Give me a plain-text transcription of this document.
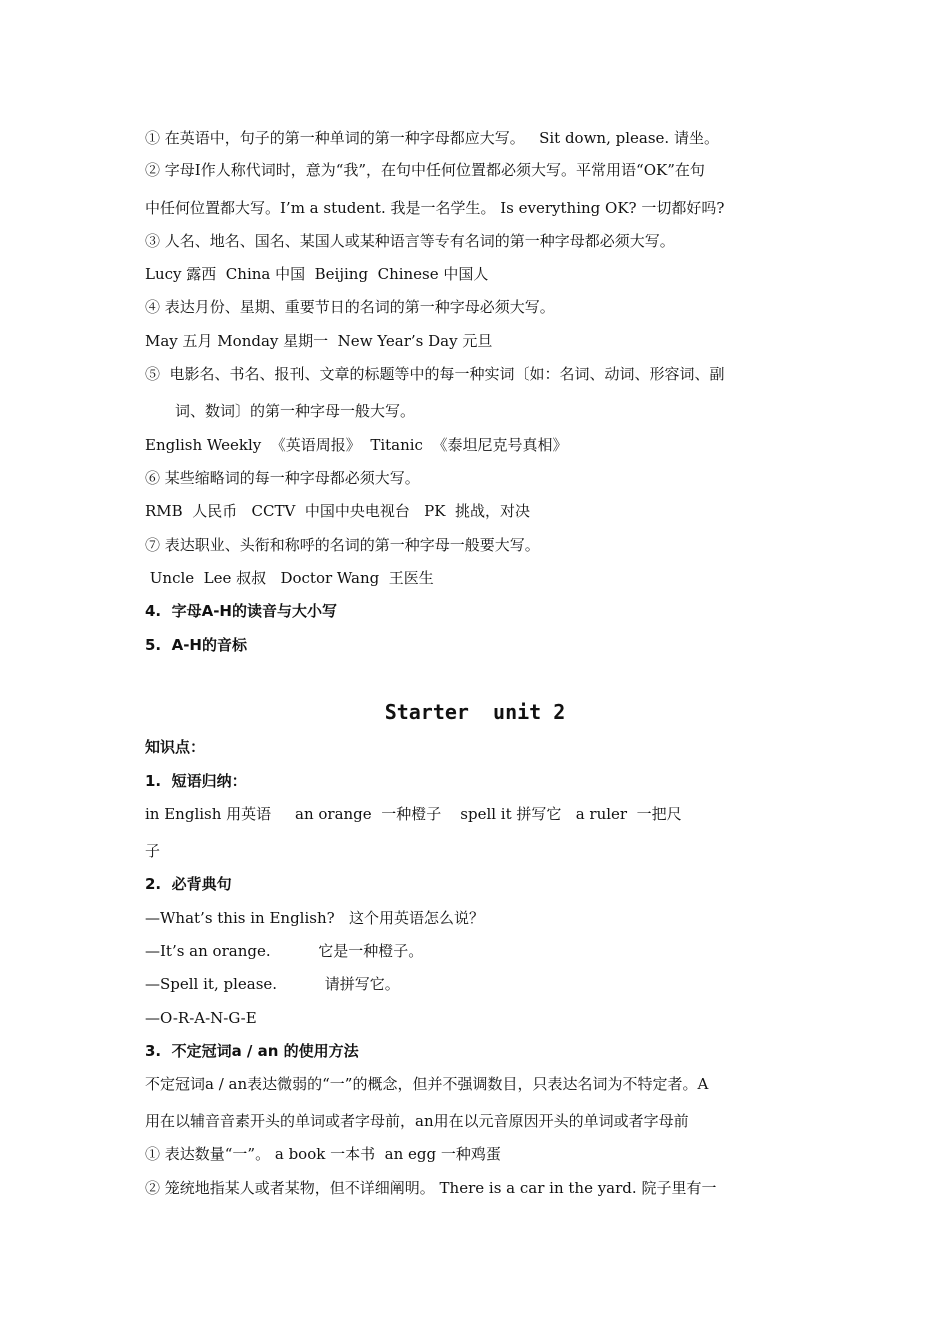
① 在英语中，句子的第一种单词的第一种字母都应大写。   Sit down, please. 请坐。
② 字母I作人称代词时，意为“我”，在句中任何位置都必须大写。平常用语“OK”在句
中任何位置都大写。I’m a student. 我是一名学生。 Is everything OK? 一切都好吗?
③ 人名、地名、国名、某国人或某种语言等专有名词的第一种字母都必须大写。
Lucy 露西  China 中国  Beijing  Chinese 中国人
④ 表达月份、星期、重要节日的名词的第一种字母必须大写。
May 五月 Monday 星期一  New Year’s Day 元旦
⑤  电影名、书名、报刊、文章的标题等中的每一种实词〔如：名词、动词、形容词、副
词、数词〕的第一种字母一般大写。
English Weekly  《英语周报》  Titanic  《泰坦尼克号真相》
⑥ 某些缩略词的每一种字母都必须大写。
RMB  人民币   CCTV  中国中央电视台   PK  挑战，对决
⑦ 表达职业、头衔和称呼的名词的第一种字母一般要大写。
Uncle  Lee 叔叔   Doctor Wang  王医生
4.  字母A-H的读音与大小写
5.  A-H的音标
Starter  unit 2
知识点：
1.  短语归纳：
in English 用英语     an orange  一种橙子    spell it 拼写它   a ruler  一把尺
子
2.  必背典句
—What’s this in English?   这个用英语怎么说？
—It’s an orange.          它是一种橙子。
—Spell it, please.          请拼写它。
—O-R-A-N-G-E
3.  不定冠词a / an 的使用方法
不定冠词a / an表达微弱的“一”的概念，但并不强调数目，只表达名词为不特定者。A
用在以辅音音素开头的单词或者字母前，an用在以元音原因开头的单词或者字母前
① 表达数量“一”。 a book 一本书  an egg 一种鸡蛋
② 笼统地指某人或者某物，但不详细阐明。 There is a car in the yard. 院子里有一
